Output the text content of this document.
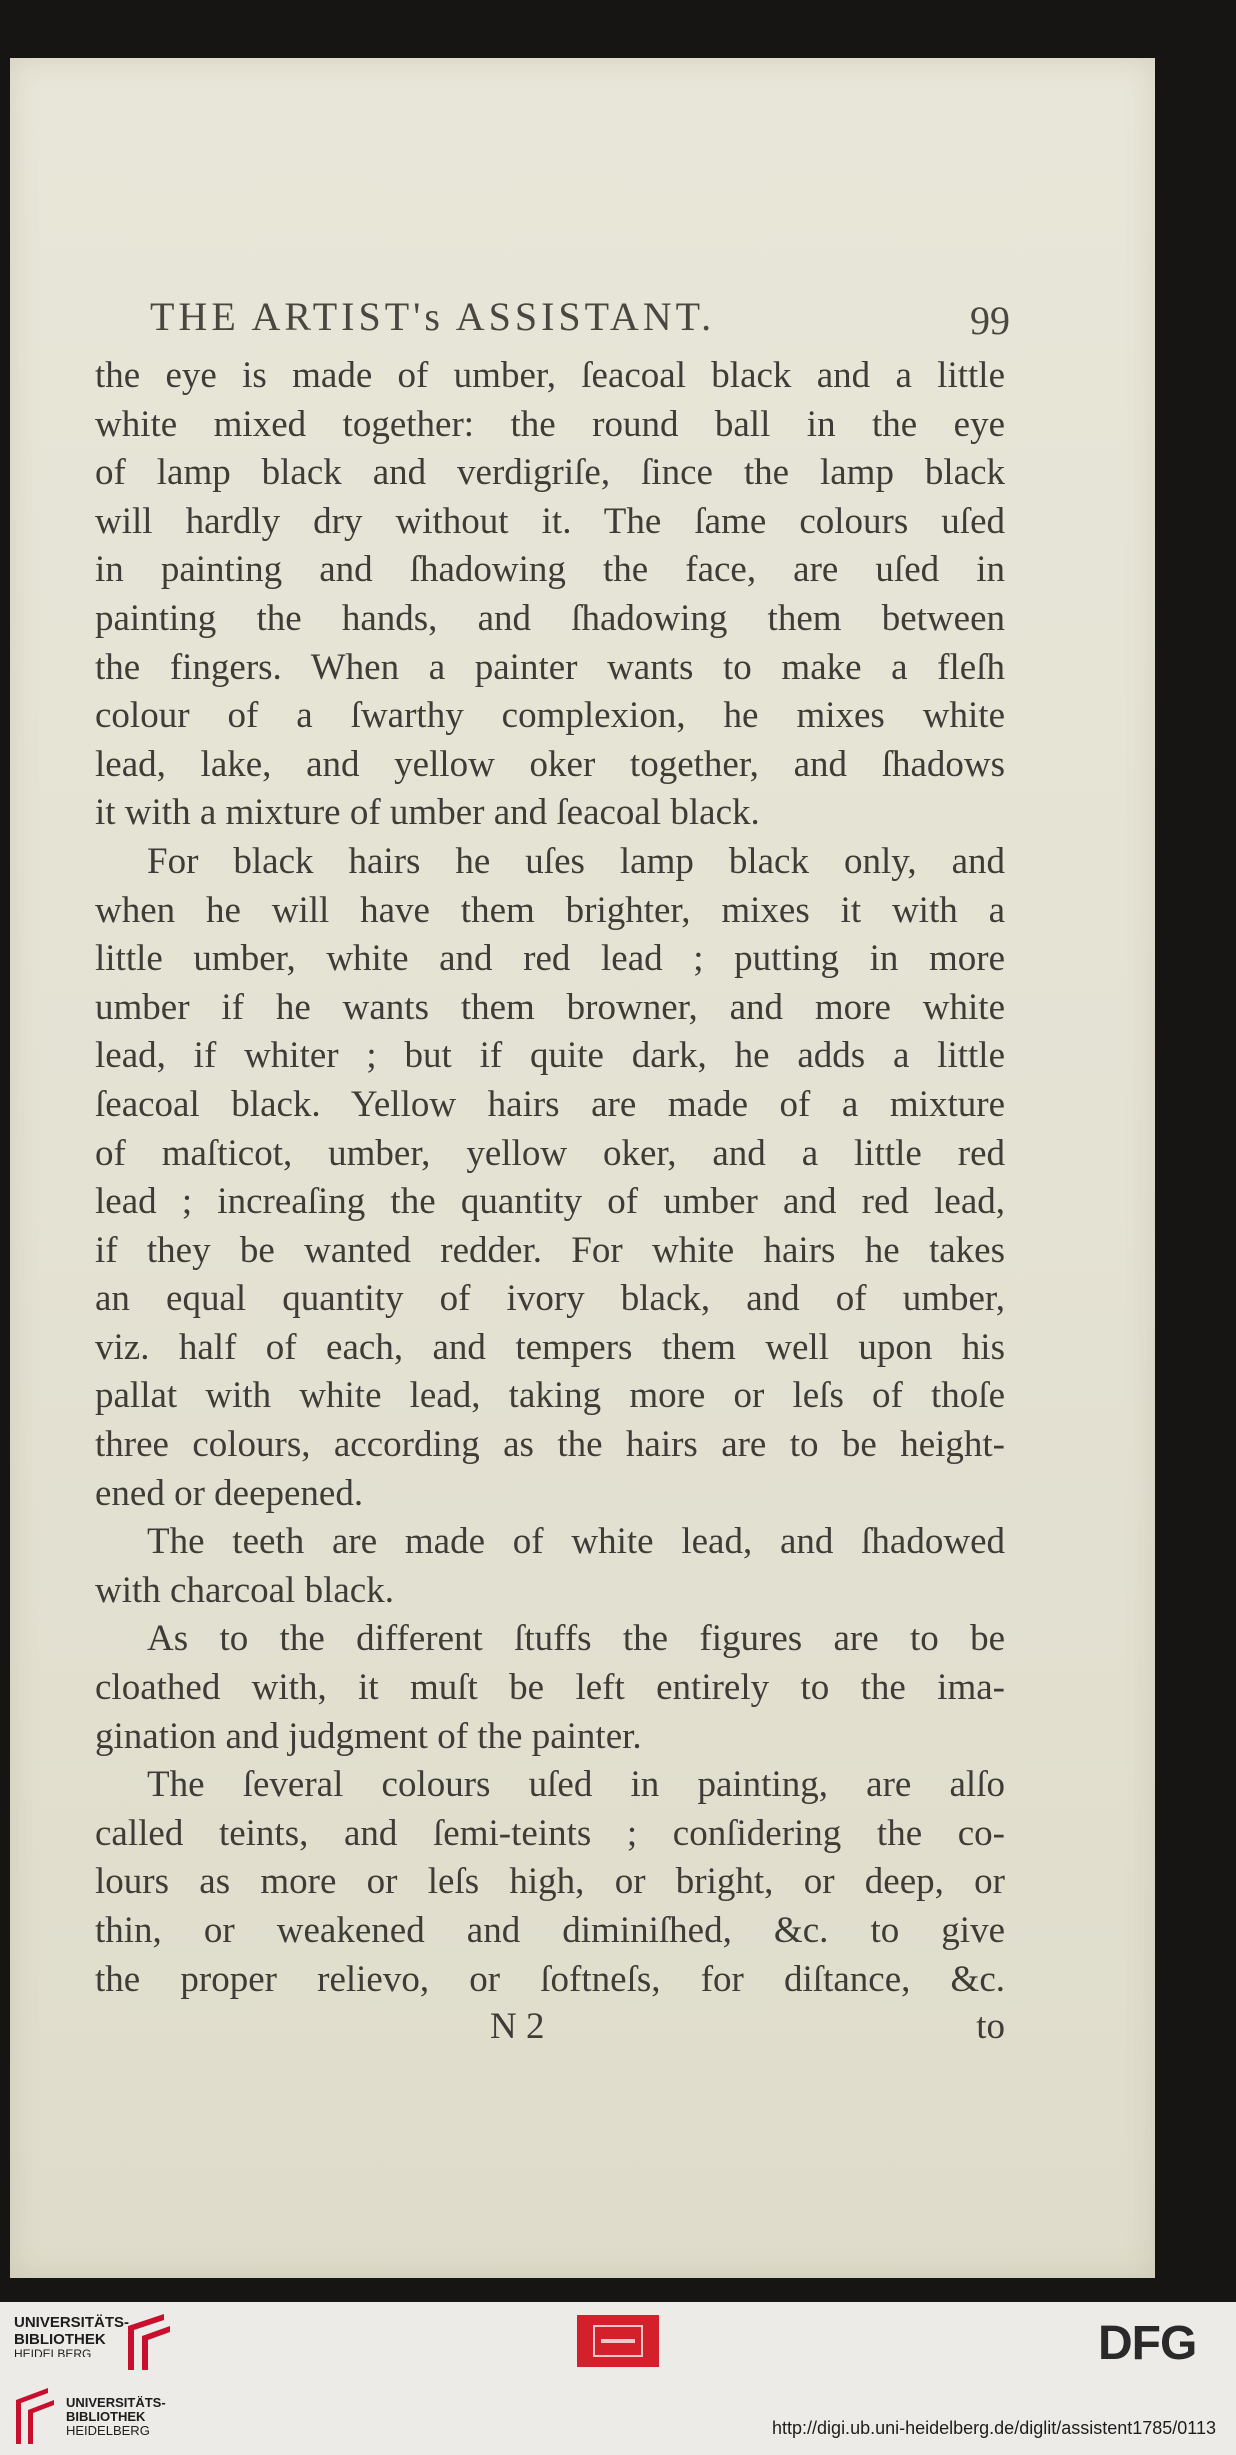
THE ARTIST's ASSISTANT.	99

the eye is made of umber, ſeacoal black and a little

white mixed together: the round ball in the eye

of lamp black and verdigriſe, ſince the lamp black

will hardly dry without it. The ſame colours uſed

in painting and ſhadowing the face, are uſed in

painting the hands, and ſhadowing them between

the fingers. When a painter wants to make a fleſh

colour of a ſwarthy complexion, he mixes white

lead, lake, and yellow oker together, and ſhadows

it with a mixture of umber and ſeacoal black.

For black hairs he uſes lamp black only, and

when he will have them brighter, mixes it with a

little umber, white and red lead ; putting in more

umber if he wants them browner, and more white

lead, if whiter ; but if quite dark, he adds a little

ſeacoal black. Yellow hairs are made of a mixture

of maſticot, umber, yellow oker, and a little red

lead ; increaſing the quantity of umber and red lead,

if they be wanted redder. For white hairs he takes

an equal quantity of ivory black, and of umber,

viz. half of each, and tempers them well upon his

pallat with white lead, taking more or leſs of thoſe

three colours, according as the hairs are to be height-

ened or deepened.

The teeth are made of white lead, and ſhadowed

with charcoal black.

As to the different ſtuffs the figures are to be

cloathed with, it muſt be left entirely to the ima-

gination and judgment of the painter.

The ſeveral colours uſed in painting, are alſo

called teints, and ſemi-teints ; conſidering the co-

lours as more or leſs high, or bright, or deep, or

thin, or weakened and diminiſhed, &c. to give

the proper relievo, or ſoftneſs, for diſtance, &c.

N 2	to
UNIVERSITÄTS-
BIBLIOTHEK
HEIDELBERG
UNIVERSITÄTS-
BIBLIOTHEK
HEIDELBERG
DFG
http://digi.ub.uni-heidelberg.de/diglit/assistent1785/0113
